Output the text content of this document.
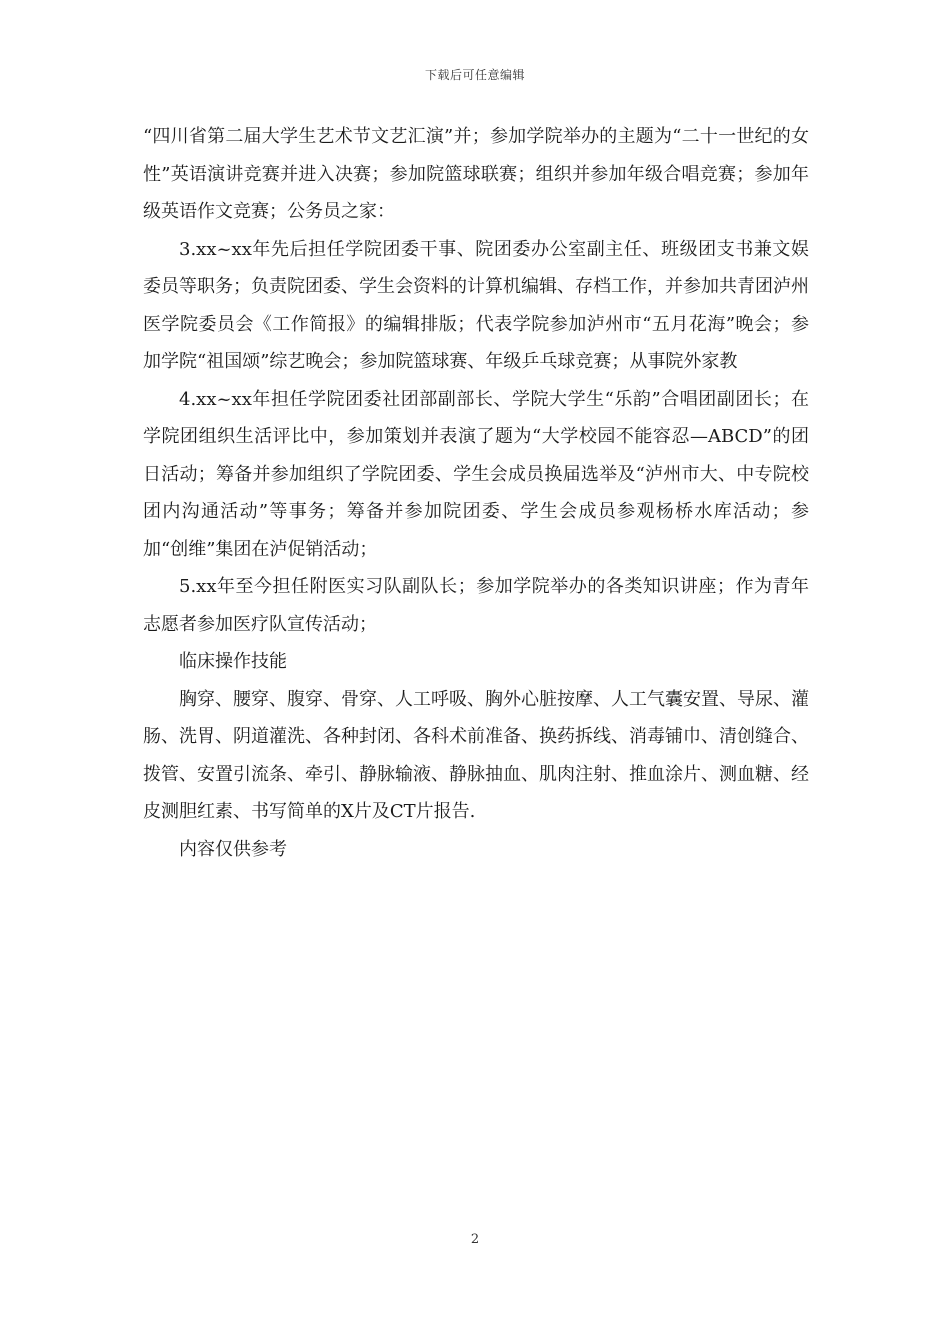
下载后可任意编辑

“四川省第二届大学生艺术节文艺汇演”并；参加学院举办的主题为“二十一世纪的女性”英语演讲竞赛并进入决赛；参加院篮球联赛；组织并参加年级合唱竞赛；参加年级英语作文竞赛；公务员之家：

3.xx~xx年先后担任学院团委干事、院团委办公室副主任、班级团支书兼文娱委员等职务；负责院团委、学生会资料的计算机编辑、存档工作，并参加共青团泸州医学院委员会《工作简报》的编辑排版；代表学院参加泸州市“五月花海”晚会；参加学院“祖国颂”综艺晚会；参加院篮球赛、年级乒乓球竞赛；从事院外家教

4.xx~xx年担任学院团委社团部副部长、学院大学生“乐韵”合唱团副团长；在学院团组织生活评比中，参加策划并表演了题为“大学校园不能容忍—ABCD”的团日活动；筹备并参加组织了学院团委、学生会成员换届选举及“泸州市大、中专院校团内沟通活动”等事务；筹备并参加院团委、学生会成员参观杨桥水库活动；参加“创维”集团在泸促销活动；

5.xx年至今担任附医实习队副队长；参加学院举办的各类知识讲座；作为青年志愿者参加医疗队宣传活动；

临床操作技能

胸穿、腰穿、腹穿、骨穿、人工呼吸、胸外心脏按摩、人工气囊安置、导尿、灌肠、洗胃、阴道灌洗、各种封闭、各科术前准备、换药拆线、消毒铺巾、清创缝合、拨管、安置引流条、牵引、静脉输液、静脉抽血、肌肉注射、推血涂片、测血糖、经皮测胆红素、书写简单的X片及CT片报告.

内容仅供参考

2
